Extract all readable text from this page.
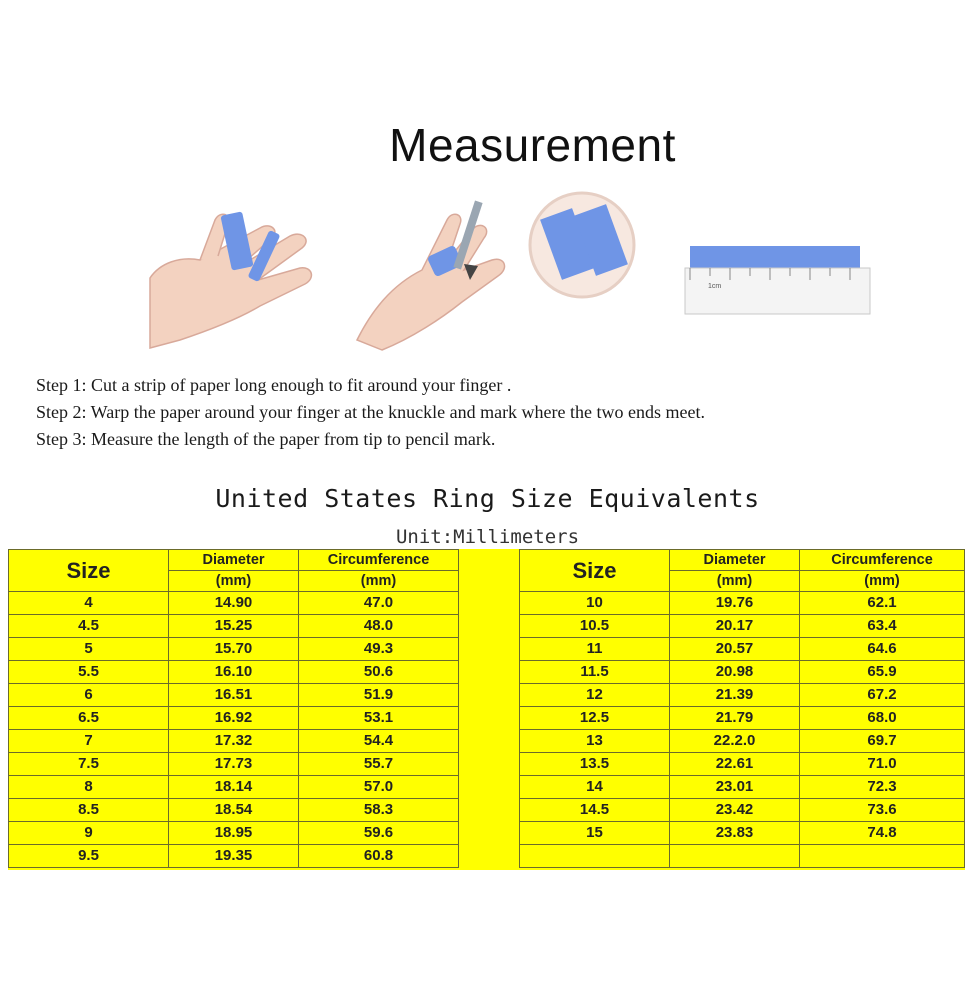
Measurement
1cm
Step 1: Cut a strip of paper long enough to fit around your finger .
Step 2: Warp the paper around your finger at the knuckle and mark where the two ends meet.
Step 3: Measure the length of the paper from tip to pencil mark.
United States Ring Size Equivalents
Unit:Millimeters
Size	Diameter	Circumference
	(mm)	(mm)
4	14.90	47.0
4.5	15.25	48.0
5	15.70	49.3
5.5	16.10	50.6
6	16.51	51.9
6.5	16.92	53.1
7	17.32	54.4
7.5	17.73	55.7
8	18.14	57.0
8.5	18.54	58.3
9	18.95	59.6
9.5	19.35	60.8
Size	Diameter	Circumference
	(mm)	(mm)
10	19.76	62.1
10.5	20.17	63.4
11	20.57	64.6
11.5	20.98	65.9
12	21.39	67.2
12.5	21.79	68.0
13	22.2.0	69.7
13.5	22.61	71.0
14	23.01	72.3
14.5	23.42	73.6
15	23.83	74.8
